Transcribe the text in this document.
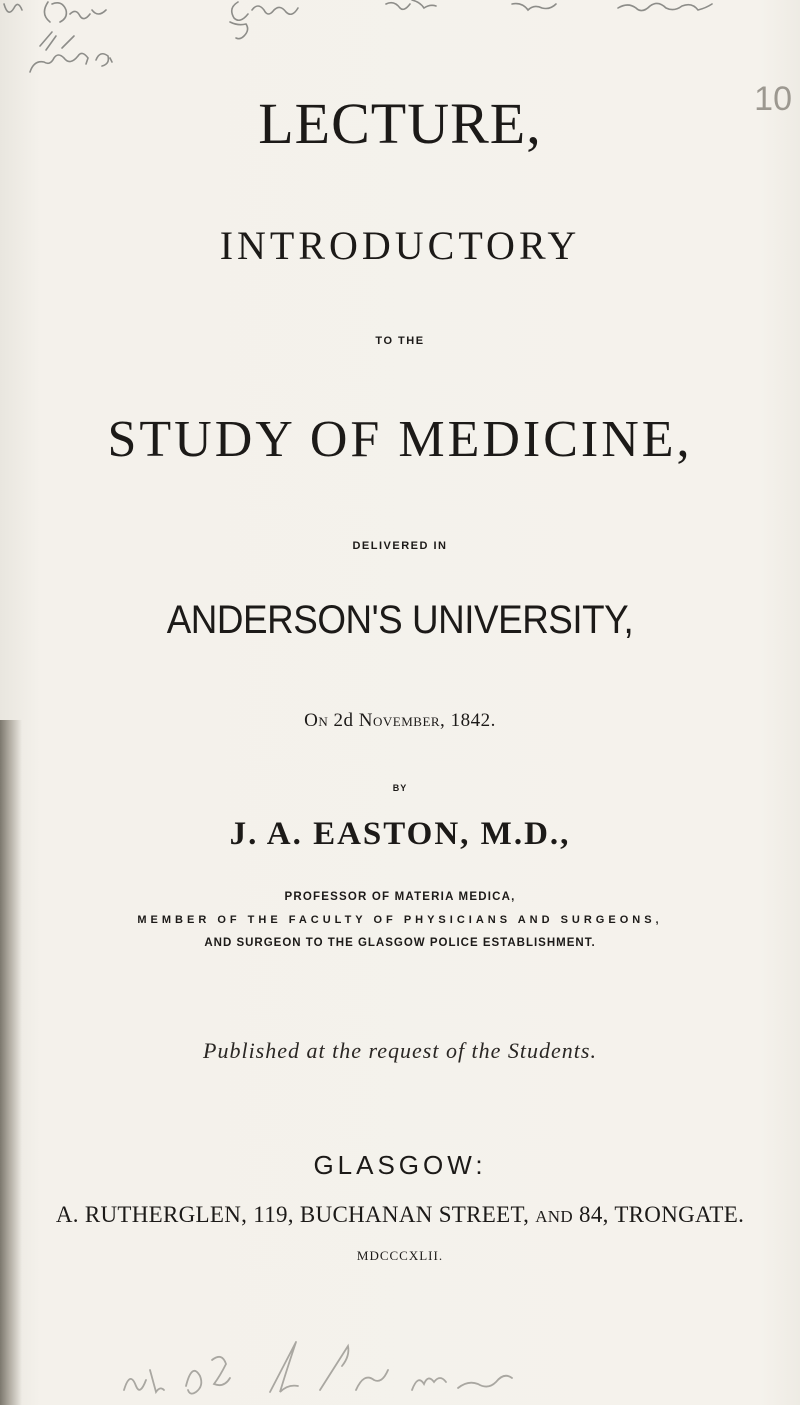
10
LECTURE,
INTRODUCTORY
TO THE
STUDY OF MEDICINE,
DELIVERED IN
ANDERSON'S UNIVERSITY,
On 2d November, 1842.
BY
J. A. EASTON, M.D.,
PROFESSOR OF MATERIA MEDICA,
MEMBER OF THE FACULTY OF PHYSICIANS AND SURGEONS,
AND SURGEON TO THE GLASGOW POLICE ESTABLISHMENT.
Published at the request of the Students.
GLASGOW:
A. RUTHERGLEN, 119, BUCHANAN STREET, AND 84, TRONGATE.
MDCCCXLII.
